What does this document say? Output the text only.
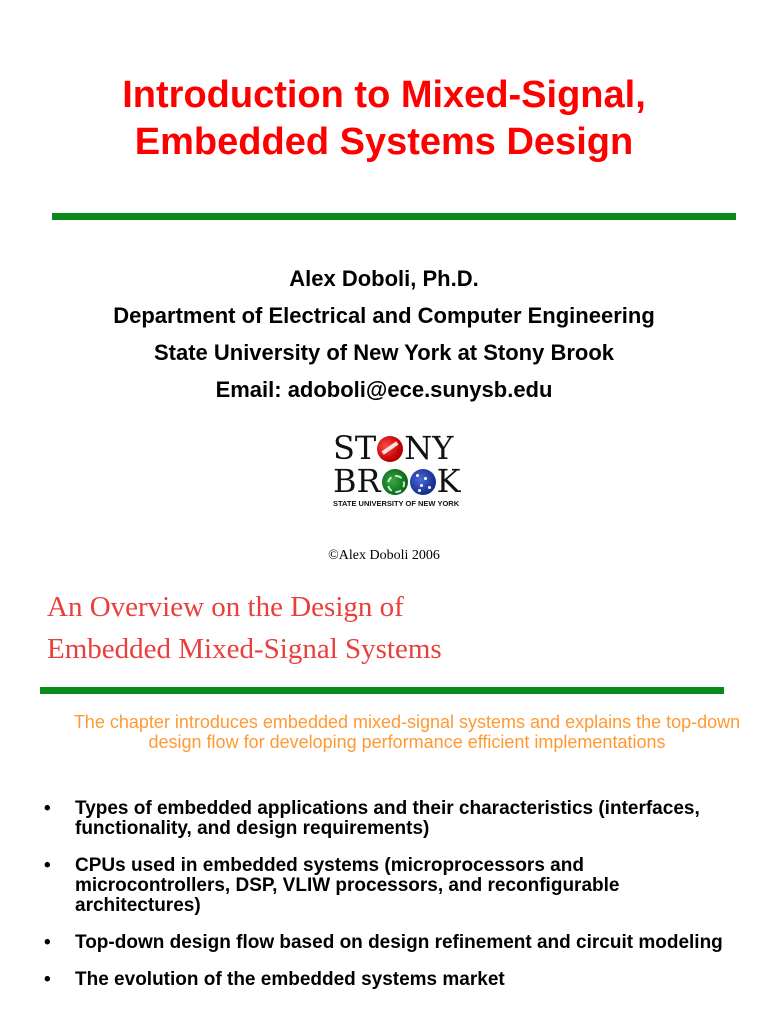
Introduction to Mixed-Signal,
Embedded Systems Design
Alex Doboli, Ph.D.
Department of Electrical and Computer Engineering
State University of New York at Stony Brook
Email: adoboli@ece.sunysb.edu
ST NY
BR K
STATE UNIVERSITY OF NEW YORK
©Alex Doboli 2006
An Overview on the Design of
Embedded Mixed-Signal Systems
The chapter introduces embedded mixed-signal systems and explains the top-down design flow for developing performance efficient implementations
• Types of embedded applications and their characteristics (interfaces, functionality, and design requirements)
• CPUs used in embedded systems (microprocessors and microcontrollers, DSP, VLIW processors, and reconfigurable architectures)
• Top-down design flow based on design refinement and circuit modeling
• The evolution of the embedded systems market
